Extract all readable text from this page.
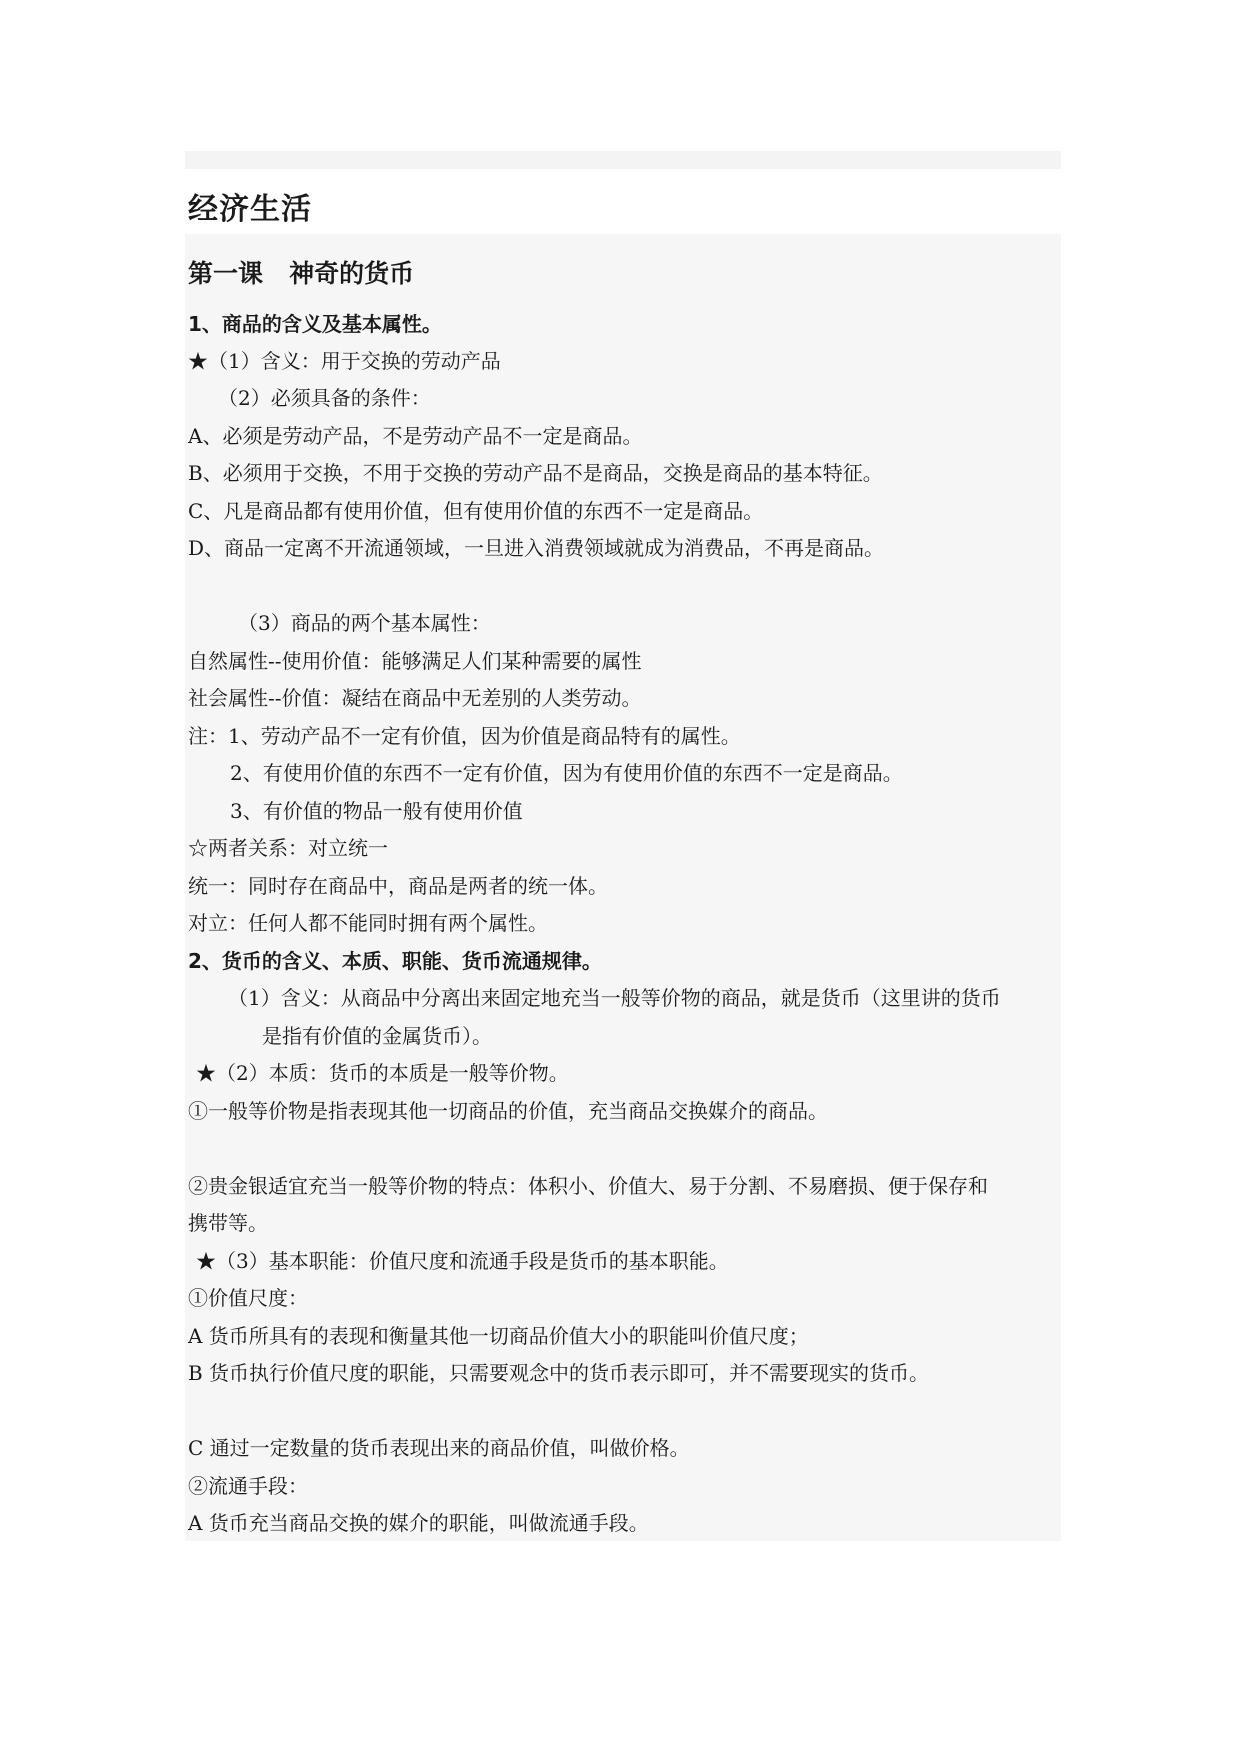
经济生活
第一课   神奇的货币
1、商品的含义及基本属性。
★（1）含义：用于交换的劳动产品
（2）必须具备的条件：
A、必须是劳动产品，不是劳动产品不一定是商品。
B、必须用于交换，不用于交换的劳动产品不是商品，交换是商品的基本特征。
C、凡是商品都有使用价值，但有使用价值的东西不一定是商品。
D、商品一定离不开流通领域，一旦进入消费领域就成为消费品，不再是商品。
（3）商品的两个基本属性：
自然属性--使用价值：能够满足人们某种需要的属性
社会属性--价值：凝结在商品中无差别的人类劳动。
注：1、劳动产品不一定有价值，因为价值是商品特有的属性。
2、有使用价值的东西不一定有价值，因为有使用价值的东西不一定是商品。
3、有价值的物品一般有使用价值
☆两者关系：对立统一
统一：同时存在商品中，商品是两者的统一体。
对立：任何人都不能同时拥有两个属性。
2、货币的含义、本质、职能、货币流通规律。
（1）含义：从商品中分离出来固定地充当一般等价物的商品，就是货币（这里讲的货币
是指有价值的金属货币）。
★（2）本质：货币的本质是一般等价物。
①一般等价物是指表现其他一切商品的价值，充当商品交换媒介的商品。
②贵金银适宜充当一般等价物的特点：体积小、价值大、易于分割、不易磨损、便于保存和
携带等。
★（3）基本职能：价值尺度和流通手段是货币的基本职能。
①价值尺度：
A 货币所具有的表现和衡量其他一切商品价值大小的职能叫价值尺度；
B 货币执行价值尺度的职能，只需要观念中的货币表示即可，并不需要现实的货币。
C 通过一定数量的货币表现出来的商品价值，叫做价格。
②流通手段：
A 货币充当商品交换的媒介的职能，叫做流通手段。
